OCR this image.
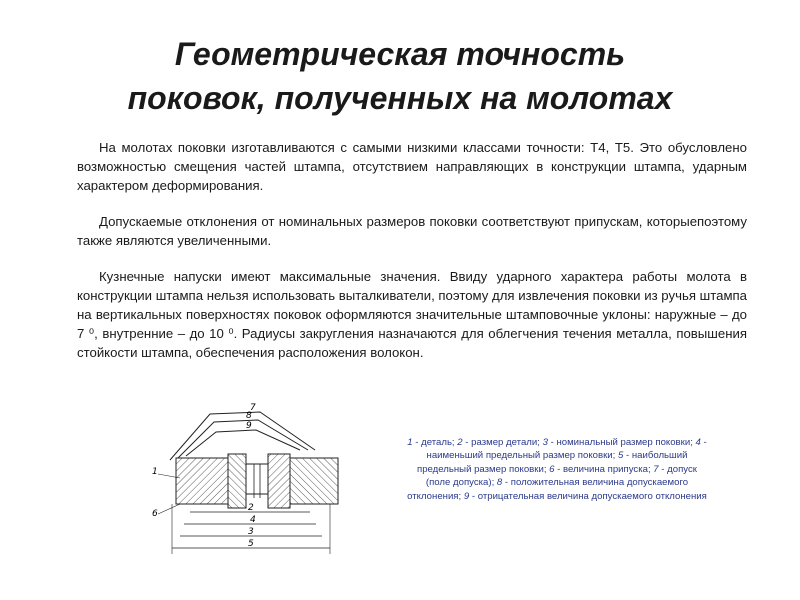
Геометрическая точность
поковок, полученных на молотах

На молотах поковки изготавливаются с самыми низкими классами точности: Т4, Т5. Это обусловлено возможностью смещения частей штампа, отсутствием направляющих в конструкции штампа, ударным характером деформирования.

Допускаемые отклонения от номинальных размеров поковки соответствуют припускам, которыепоэтому также являются увеличенными.

Кузнечные напуски имеют максимальные значения. Ввиду ударного характера работы молота в конструкции штампа нельзя использовать выталкиватели, поэтому для извлечения поковки из ручья штампа на вертикальных поверхностях поковок оформляются значительные штамповочные уклоны: наружные – до 7 ⁰, внутренние – до 10 ⁰. Радиусы закругления назначаются для облегчения течения металла, повышения стойкости штампа, обеспечения расположения волокон.

7
8
9
1
6
2
4
3
5
1 - деталь; 2 - размер детали; 3 - номинальный размер поковки; 4 - наименьший предельный размер поковки; 5 - наибольший предельный размер поковки; 6 - величина припуска; 7 - допуск (поле допуска); 8 - положительная величина допускаемого отклонения; 9 - отрицательная величина допускаемого отклонения
